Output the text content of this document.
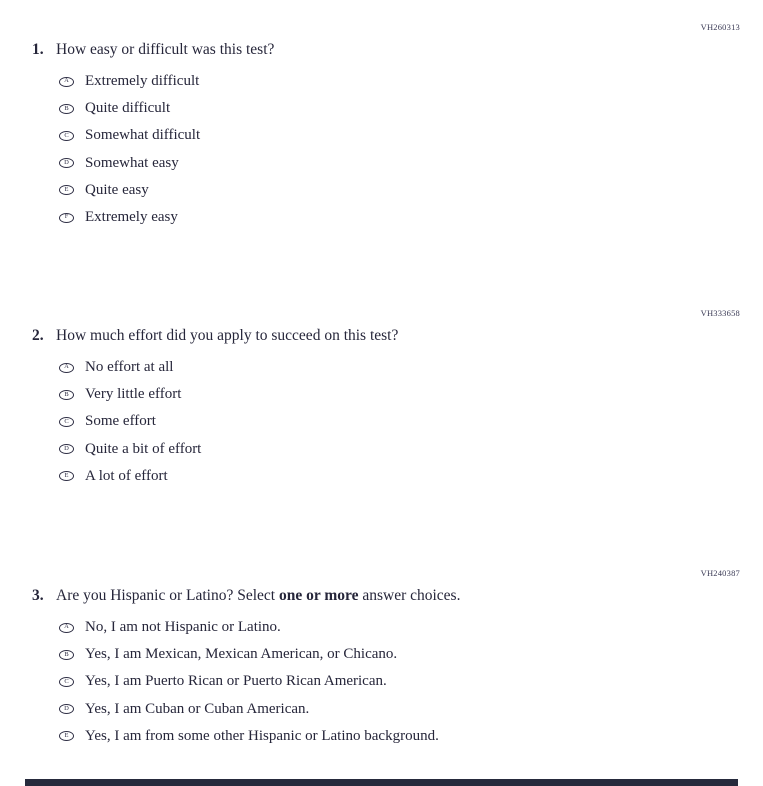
VH260313
1. How easy or difficult was this test?
A Extremely difficult
B Quite difficult
C Somewhat difficult
D Somewhat easy
E Quite easy
F Extremely easy
VH333658
2. How much effort did you apply to succeed on this test?
A No effort at all
B Very little effort
C Some effort
D Quite a bit of effort
E A lot of effort
VH240387
3. Are you Hispanic or Latino? Select one or more answer choices.
A No, I am not Hispanic or Latino.
B Yes, I am Mexican, Mexican American, or Chicano.
C Yes, I am Puerto Rican or Puerto Rican American.
D Yes, I am Cuban or Cuban American.
E Yes, I am from some other Hispanic or Latino background.
